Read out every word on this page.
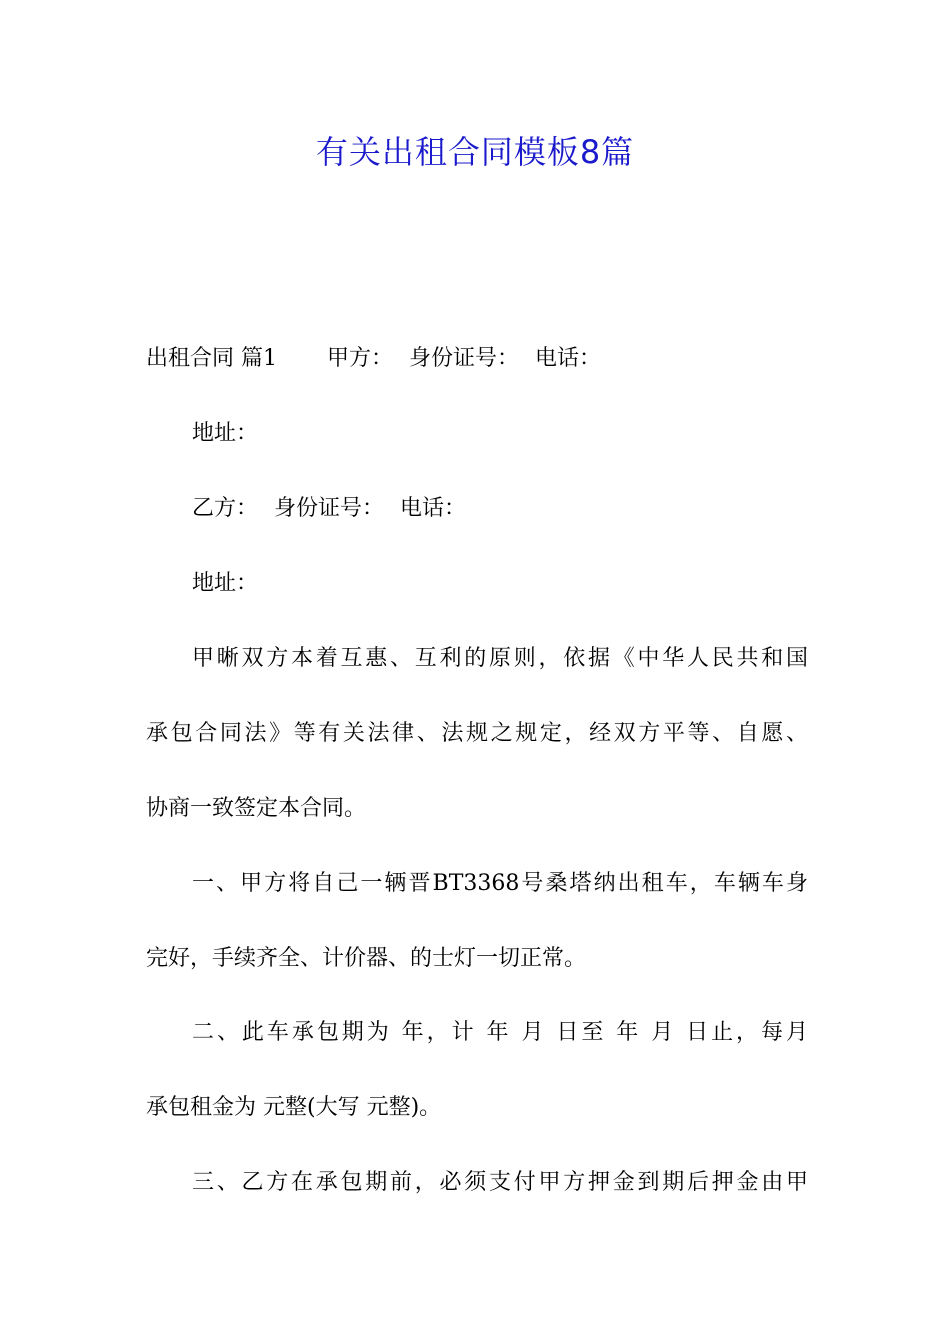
有关出租合同模板8篇
出租合同 篇1 甲方： 身份证号： 电话：
地址：
乙方： 身份证号： 电话：
地址：
甲晰双方本着互惠、互利的原则，依据《中华人民共和国
承包合同法》等有关法律、法规之规定，经双方平等、自愿、
协商一致签定本合同。
一、甲方将自己一辆晋BT3368号桑塔纳出租车，车辆车身
完好，手续齐全、计价器、的士灯一切正常。
二、此车承包期为 年，计 年 月 日至 年 月 日止，每月
承包租金为 元整(大写 元整)。
三、乙方在承包期前，必须支付甲方押金到期后押金由甲
